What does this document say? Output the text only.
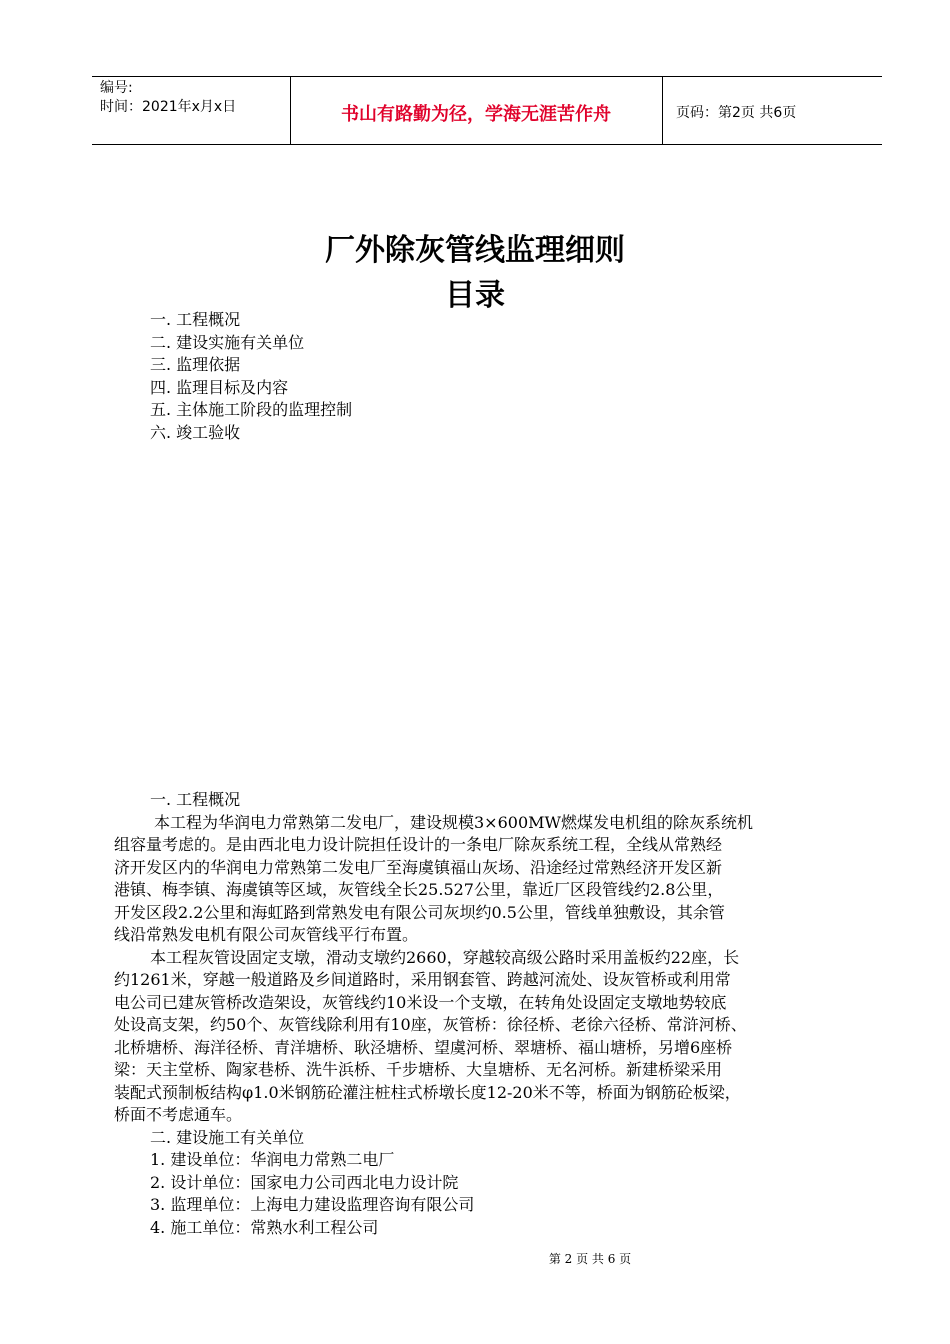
编号:
时间：2021年x月x日	书山有路勤为径，学海无涯苦作舟	页码：第2页 共6页
厂外除灰管线监理细则
目录
一. 工程概况
二. 建设实施有关单位
三. 监理依据
四. 监理目标及内容
五. 主体施工阶段的监理控制
六. 竣工验收
一. 工程概况
本工程为华润电力常熟第二发电厂，建设规模3×600MW燃煤发电机组的除灰系统机
组容量考虑的。是由西北电力设计院担任设计的一条电厂除灰系统工程，全线从常熟经
济开发区内的华润电力常熟第二发电厂至海虞镇福山灰场、沿途经过常熟经济开发区新
港镇、梅李镇、海虞镇等区域，灰管线全长25.527公里，靠近厂区段管线约2.8公里，
开发区段2.2公里和海虹路到常熟发电有限公司灰坝约0.5公里，管线单独敷设，其余管
线沿常熟发电机有限公司灰管线平行布置。
本工程灰管设固定支墩，滑动支墩约2660，穿越较高级公路时采用盖板约22座，长
约1261米，穿越一般道路及乡间道路时，采用钢套管、跨越河流处、设灰管桥或利用常
电公司已建灰管桥改造架设，灰管线约10米设一个支墩，在转角处设固定支墩地势较底
处设高支架，约50个、灰管线除利用有10座，灰管桥：徐径桥、老徐六径桥、常浒河桥、
北桥塘桥、海洋径桥、青洋塘桥、耿泾塘桥、望虞河桥、翠塘桥、福山塘桥，另增6座桥
梁：天主堂桥、陶家巷桥、洗牛浜桥、千步塘桥、大皇塘桥、无名河桥。新建桥梁采用
装配式预制板结构φ1.0米钢筋砼灌注桩柱式桥墩长度12-20米不等，桥面为钢筋砼板梁，
桥面不考虑通车。
二. 建设施工有关单位
1. 建设单位：华润电力常熟二电厂
2. 设计单位：国家电力公司西北电力设计院
3. 监理单位：上海电力建设监理咨询有限公司
4. 施工单位：常熟水利工程公司
第 2 页 共 6 页
